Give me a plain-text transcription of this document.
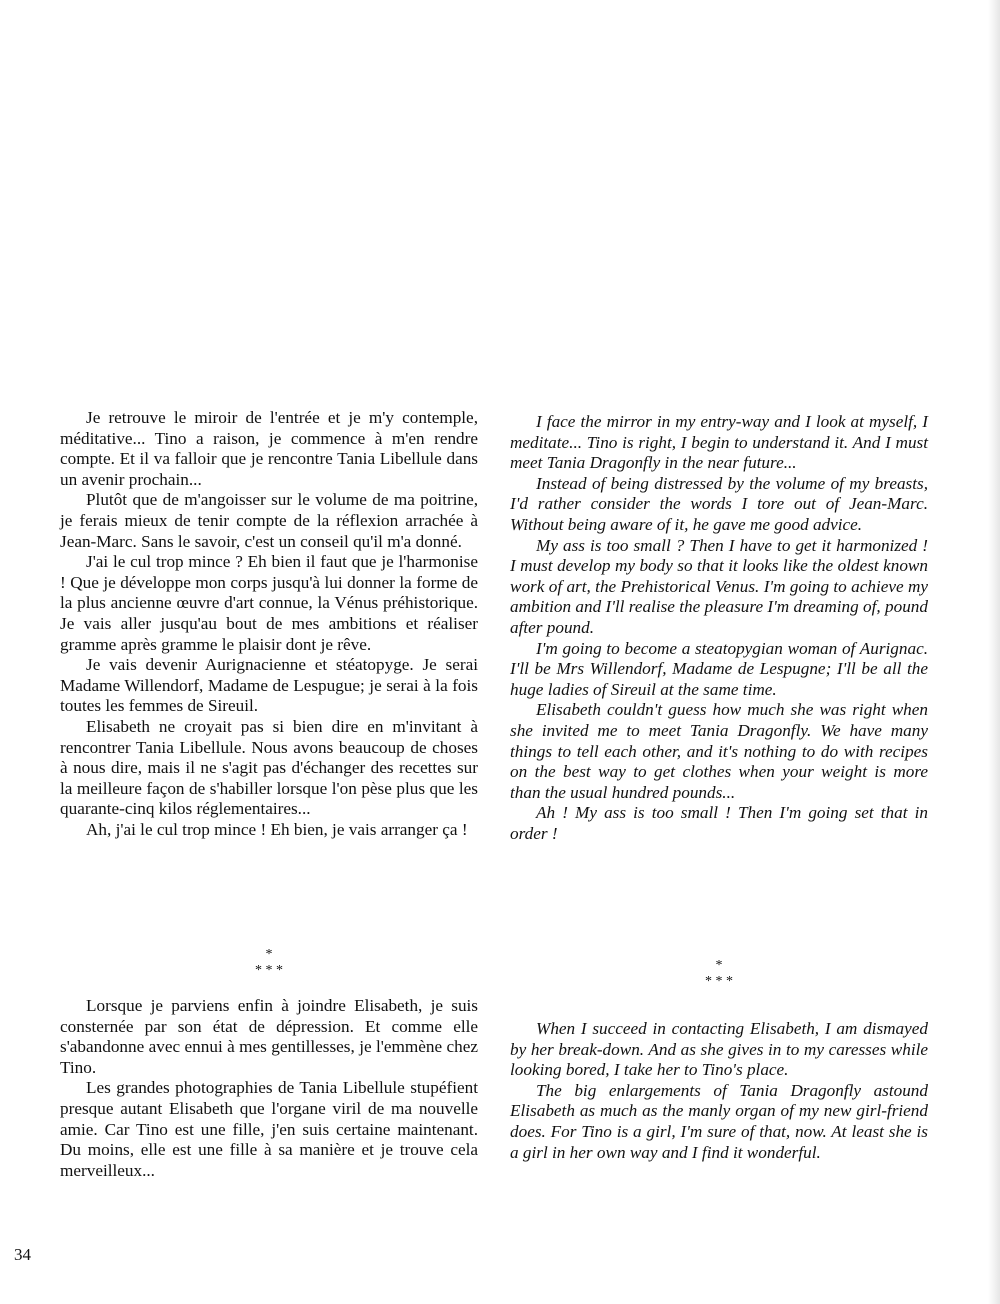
Je retrouve le miroir de l'entrée et je m'y contemple, méditative... Tino a raison, je commence à m'en rendre compte. Et il va falloir que je rencontre Tania Libellule dans un avenir prochain...

Plutôt que de m'angoisser sur le volume de ma poitrine, je ferais mieux de tenir compte de la réflexion arrachée à Jean-Marc. Sans le savoir, c'est un conseil qu'il m'a donné.

J'ai le cul trop mince ? Eh bien il faut que je l'harmonise ! Que je développe mon corps jusqu'à lui donner la forme de la plus ancienne œuvre d'art connue, la Vénus préhistorique. Je vais aller jusqu'au bout de mes ambitions et réaliser gramme après gramme le plaisir dont je rêve.

Je vais devenir Aurignacienne et stéatopyge. Je serai Madame Willendorf, Madame de Lespugue; je serai à la fois toutes les femmes de Sireuil.

Elisabeth ne croyait pas si bien dire en m'invitant à rencontrer Tania Libellule. Nous avons beaucoup de choses à nous dire, mais il ne s'agit pas d'échanger des recettes sur la meilleure façon de s'habiller lorsque l'on pèse plus que les quarante-cinq kilos réglementaires...

Ah, j'ai le cul trop mince ! Eh bien, je vais arranger ça !

*
* * *

Lorsque je parviens enfin à joindre Elisabeth, je suis consternée par son état de dépression. Et comme elle s'abandonne avec ennui à mes gentillesses, je l'emmène chez Tino.

Les grandes photographies de Tania Libellule stupéfient presque autant Elisabeth que l'organe viril de ma nouvelle amie. Car Tino est une fille, j'en suis certaine maintenant. Du moins, elle est une fille à sa manière et je trouve cela merveilleux...

I face the mirror in my entry-way and I look at myself, I meditate... Tino is right, I begin to understand it. And I must meet Tania Dragonfly in the near future...

Instead of being distressed by the volume of my breasts, I'd rather consider the words I tore out of Jean-Marc. Without being aware of it, he gave me good advice.

My ass is too small ? Then I have to get it harmonized ! I must develop my body so that it looks like the oldest known work of art, the Prehistorical Venus. I'm going to achieve my ambition and I'll realise the pleasure I'm dreaming of, pound after pound.

I'm going to become a steatopygian woman of Aurignac. I'll be Mrs Willendorf, Madame de Lespugne; I'll be all the huge ladies of Sireuil at the same time.

Elisabeth couldn't guess how much she was right when she invited me to meet Tania Dragonfly. We have many things to tell each other, and it's nothing to do with recipes on the best way to get clothes when your weight is more than the usual hundred pounds...

Ah ! My ass is too small ! Then I'm going set that in order !

*
* * *

When I succeed in contacting Elisabeth, I am dismayed by her break-down. And as she gives in to my caresses while looking bored, I take her to Tino's place.

The big enlargements of Tania Dragonfly astound Elisabeth as much as the manly organ of my new girl-friend does. For Tino is a girl, I'm sure of that, now. At least she is a girl in her own way and I find it wonderful.

34
